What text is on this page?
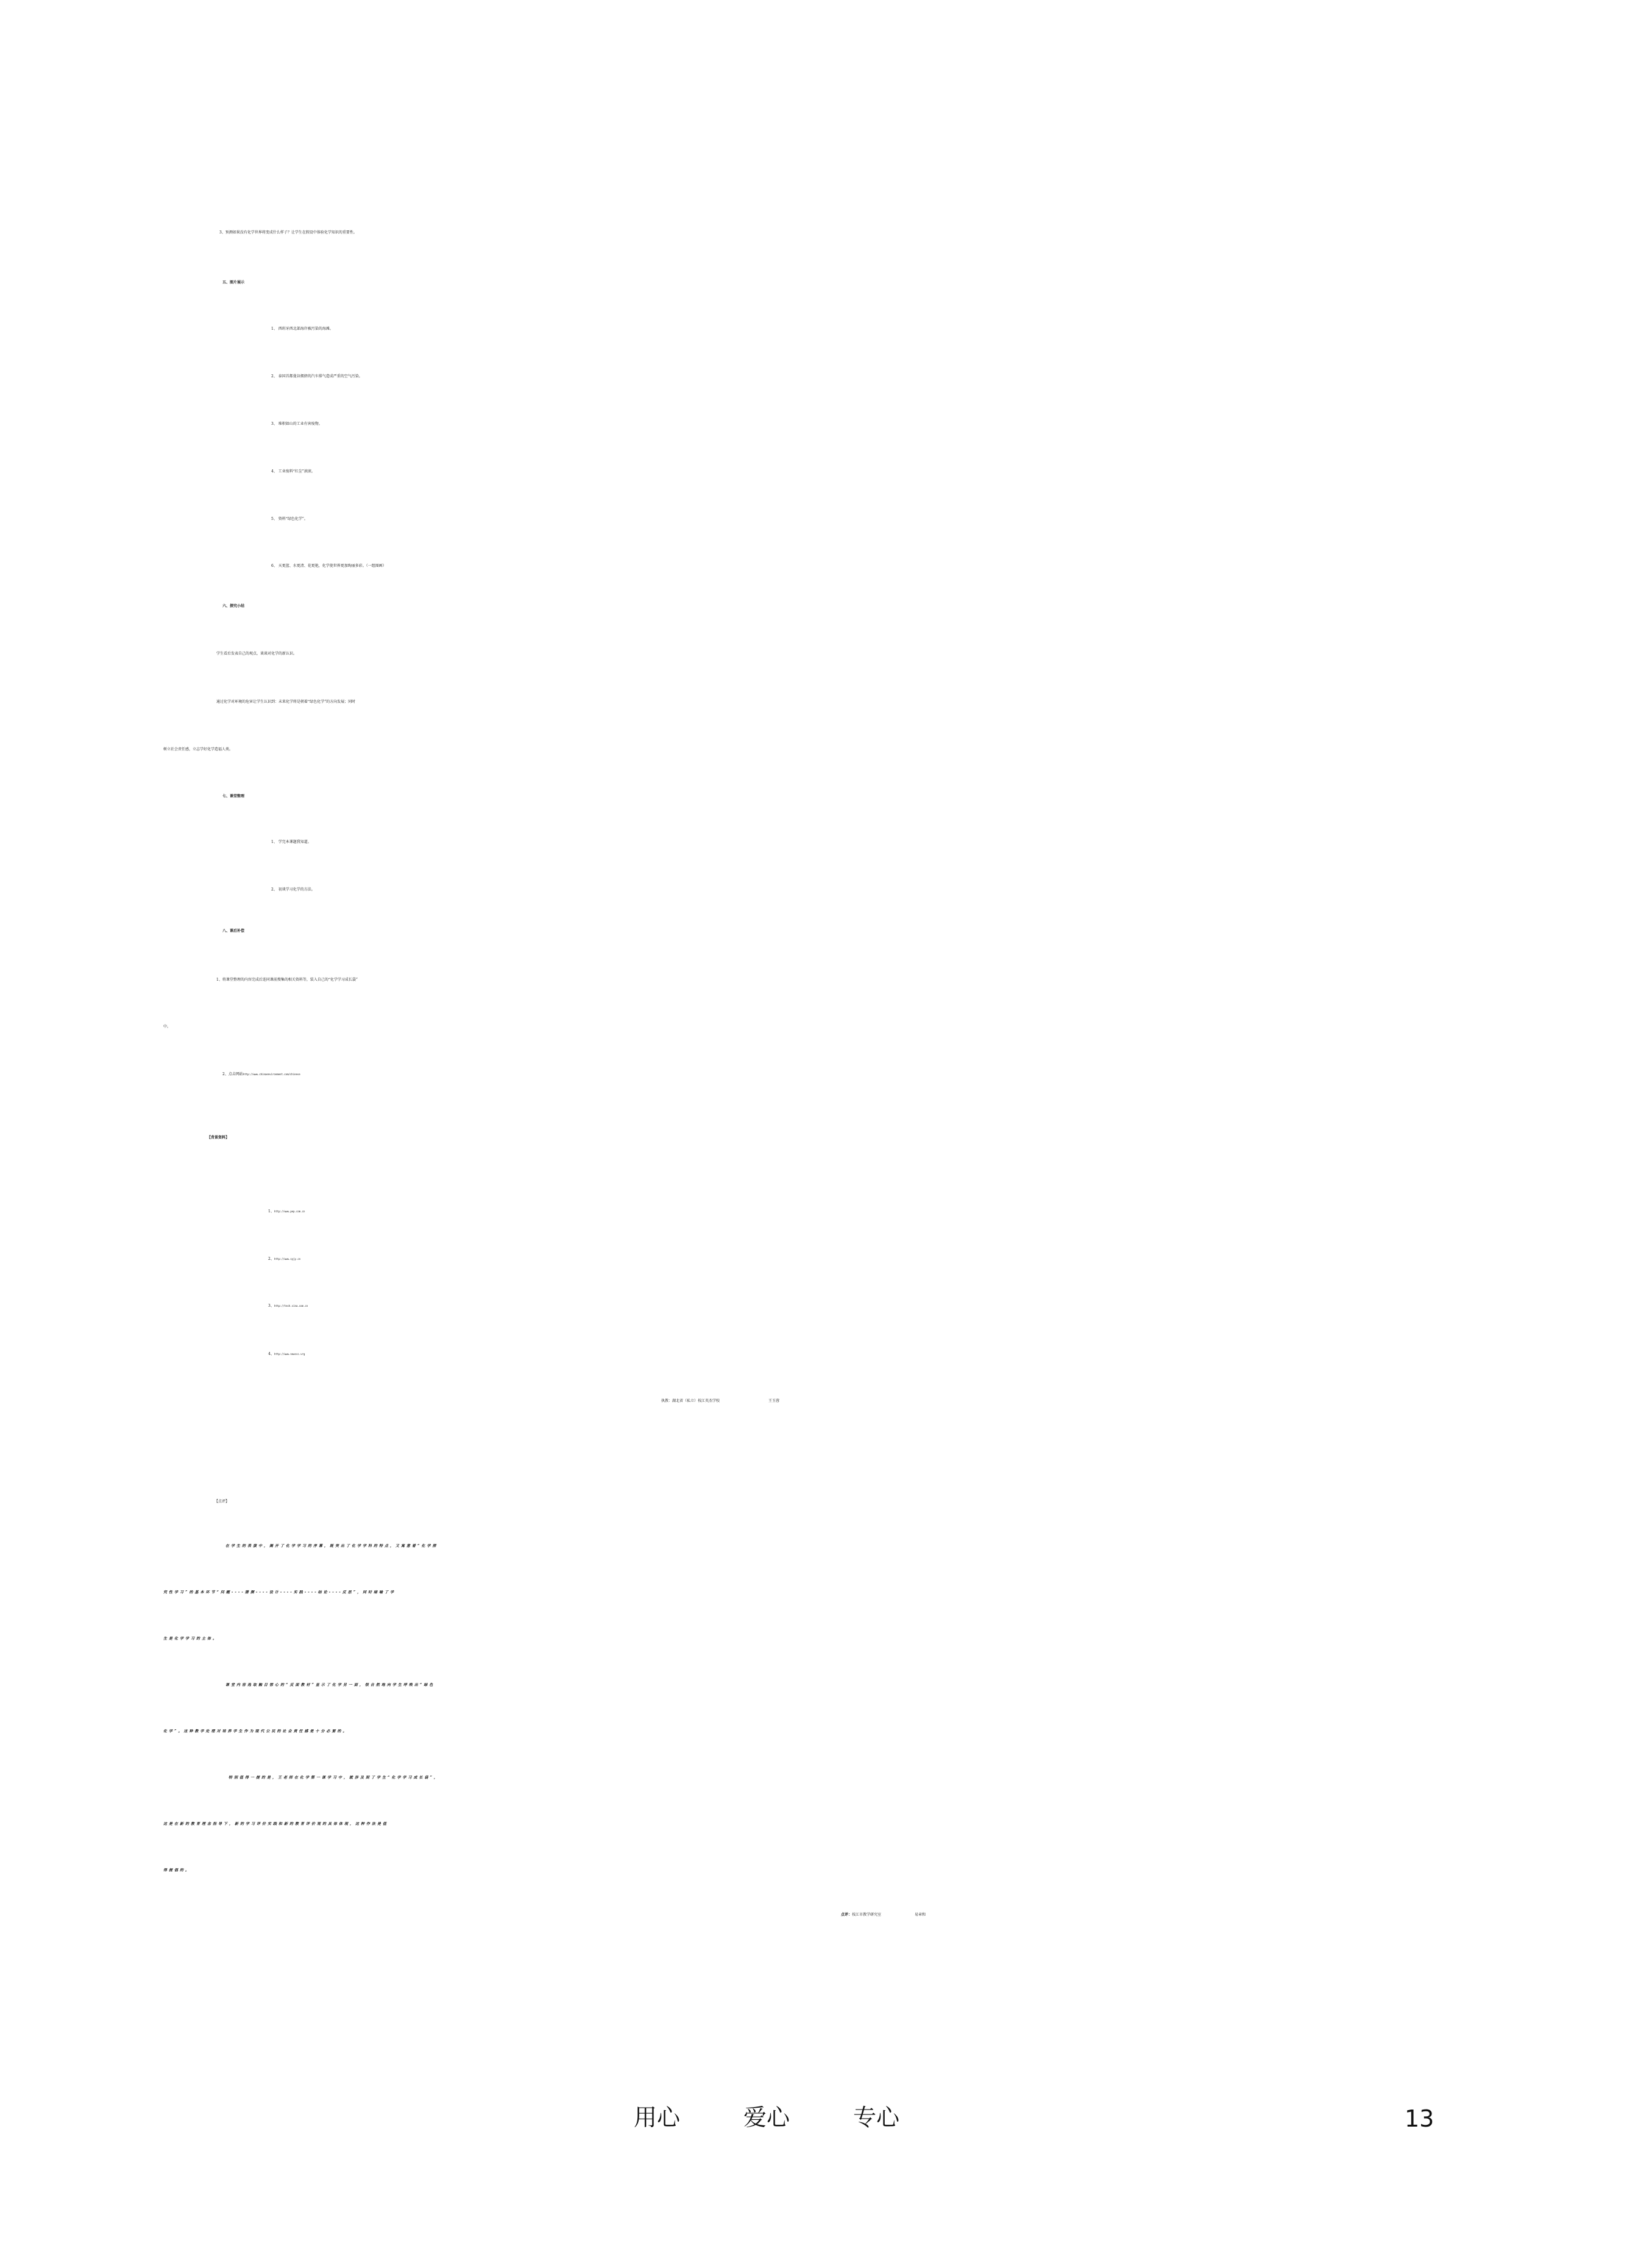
3、预测如果没有化学世界将变成什么样子？让学生在假设中体验化学知识的重要性。
五、图片展示
1、 西班牙西北部海岸被污染的海滩。
2、 泰国首都曼谷拥挤的汽车排气造成严重的空气污染。
3、 堆积如山的工业有害废物。
4、 工业废料“红尘”滚滚。
5、 资料“绿色化学”。
6、 天更蓝、水更清、花更艳，化学使世界更加绚丽多彩。（一组图画）
六、探究小结
学生看后发表自己的观点，谈谈对化学的新认识。
通过化学对环境的危害让学生认识到：未来化学将是朝着“绿色化学”的方向发展；同时
树立社会责任感，立志学好化学造福人类。
七、课堂整理
1、 学完本课题我知道。
2、 初谈学习化学的方法。
八、课后补偿
1、将课堂整理的内容完成后连同课前搜集的相关资料等，装入自己的“化学学习成长袋”
中。
2、点击网站http://www.chinaenvironment.com/chinese
【背景资料】
1、http://www.pep.com.cn
2、http://www.syjy.cn
3、http://tech.sina.com.cn
4、http://www.newssc.vrg
执教：湖北省（私立）枝江英杰学校	王玉蓉
【点评】
在学生的表演中，揭开了化学学习的序幕，既突出了化学学科的特点，又寓意着“化学探
究性学习”的基本环节“问题----猜测----设计----实践----结论----反思”，同时暗喻了学
生是化学学习的主体。
课堂内容选取触目惊心的“反面教材”显示了化学另一面，很自然地向学生呼唤出“绿色
化学”。这种教学处理对培养学生作为现代公民的社会责任感是十分必要的。
特别值得一提的是，王老师在化学第一课学习中，就涉及到了学生“化学学习成长袋”，
这是在新的教育理念指导下，新的学习评价实践和新的教育评价观的具体体现，这种作法是值
得提倡的。
点评：枝江市教学研究室	易章和
用心	爱心	专心	13
